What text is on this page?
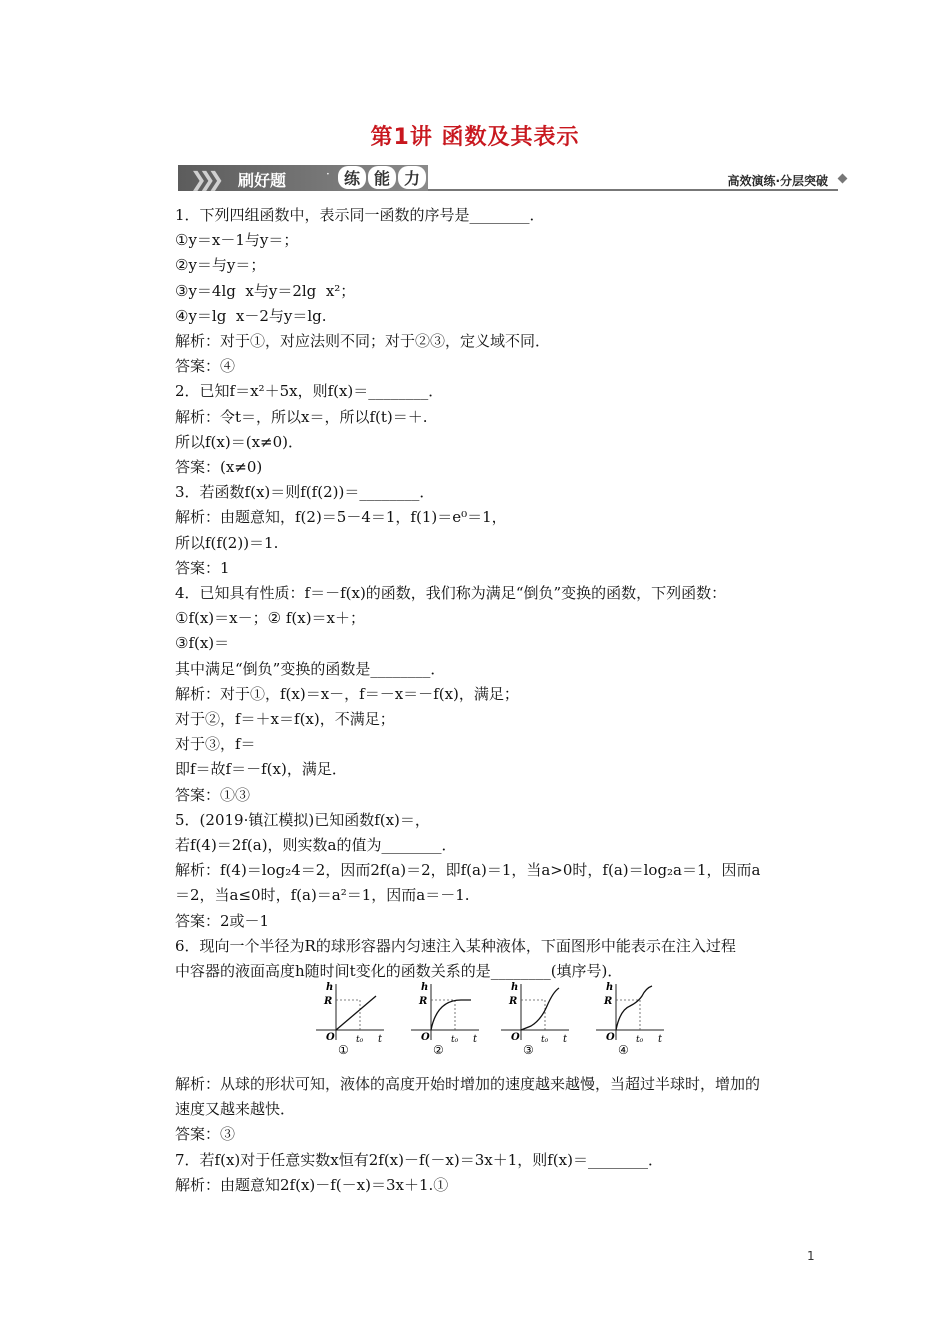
第1讲 函数及其表示
❯❯❯ 刷好题	· 练 能 力	高效演练·分层突破
1．下列四组函数中，表示同一函数的序号是________．
①y＝x－1与y＝；
②y＝与y＝；
③y＝4lg  x与y＝2lg  x²；
④y＝lg  x－2与y＝lg.
解析：对于①，对应法则不同；对于②③，定义域不同．
答案：④
2．已知f＝x²＋5x，则f(x)＝________．
解析：令t＝，所以x＝，所以f(t)＝＋.
所以f(x)＝(x≠0)．
答案：(x≠0)
3．若函数f(x)＝则f(f(2))＝________．
解析：由题意知，f(2)＝5－4＝1，f(1)＝e⁰＝1，
所以f(f(2))＝1.
答案：1
4．已知具有性质：f＝－f(x)的函数，我们称为满足“倒负”变换的函数，下列函数：
①f(x)＝x－；② f(x)＝x＋；
③f(x)＝
其中满足“倒负”变换的函数是________．
解析：对于①，f(x)＝x－，f＝－x＝－f(x)，满足；
对于②，f＝＋x＝f(x)，不满足；
对于③，f＝
即f＝故f＝－f(x)，满足．
答案：①③
5．(2019·镇江模拟)已知函数f(x)＝，
若f(4)＝2f(a)，则实数a的值为________．
解析：f(4)＝log₂4＝2，因而2f(a)＝2，即f(a)＝1，当a>0时，f(a)＝log₂a＝1，因而a
＝2，当a≤0时，f(a)＝a²＝1，因而a＝－1.
答案：2或－1
6．现向一个半径为R的球形容器内匀速注入某种液体，下面图形中能表示在注入过程
中容器的液面高度h随时间t变化的函数关系的是________(填序号)．
h
R
O t₀ t
①
h
R
O t₀ t
②
h
R
O t₀ t
③
h
R
O t₀ t
④
解析：从球的形状可知，液体的高度开始时增加的速度越来越慢，当超过半球时，增加的
速度又越来越快．
答案：③
7．若f(x)对于任意实数x恒有2f(x)－f(－x)＝3x＋1，则f(x)＝________．
解析：由题意知2f(x)－f(－x)＝3x＋1.①
1
